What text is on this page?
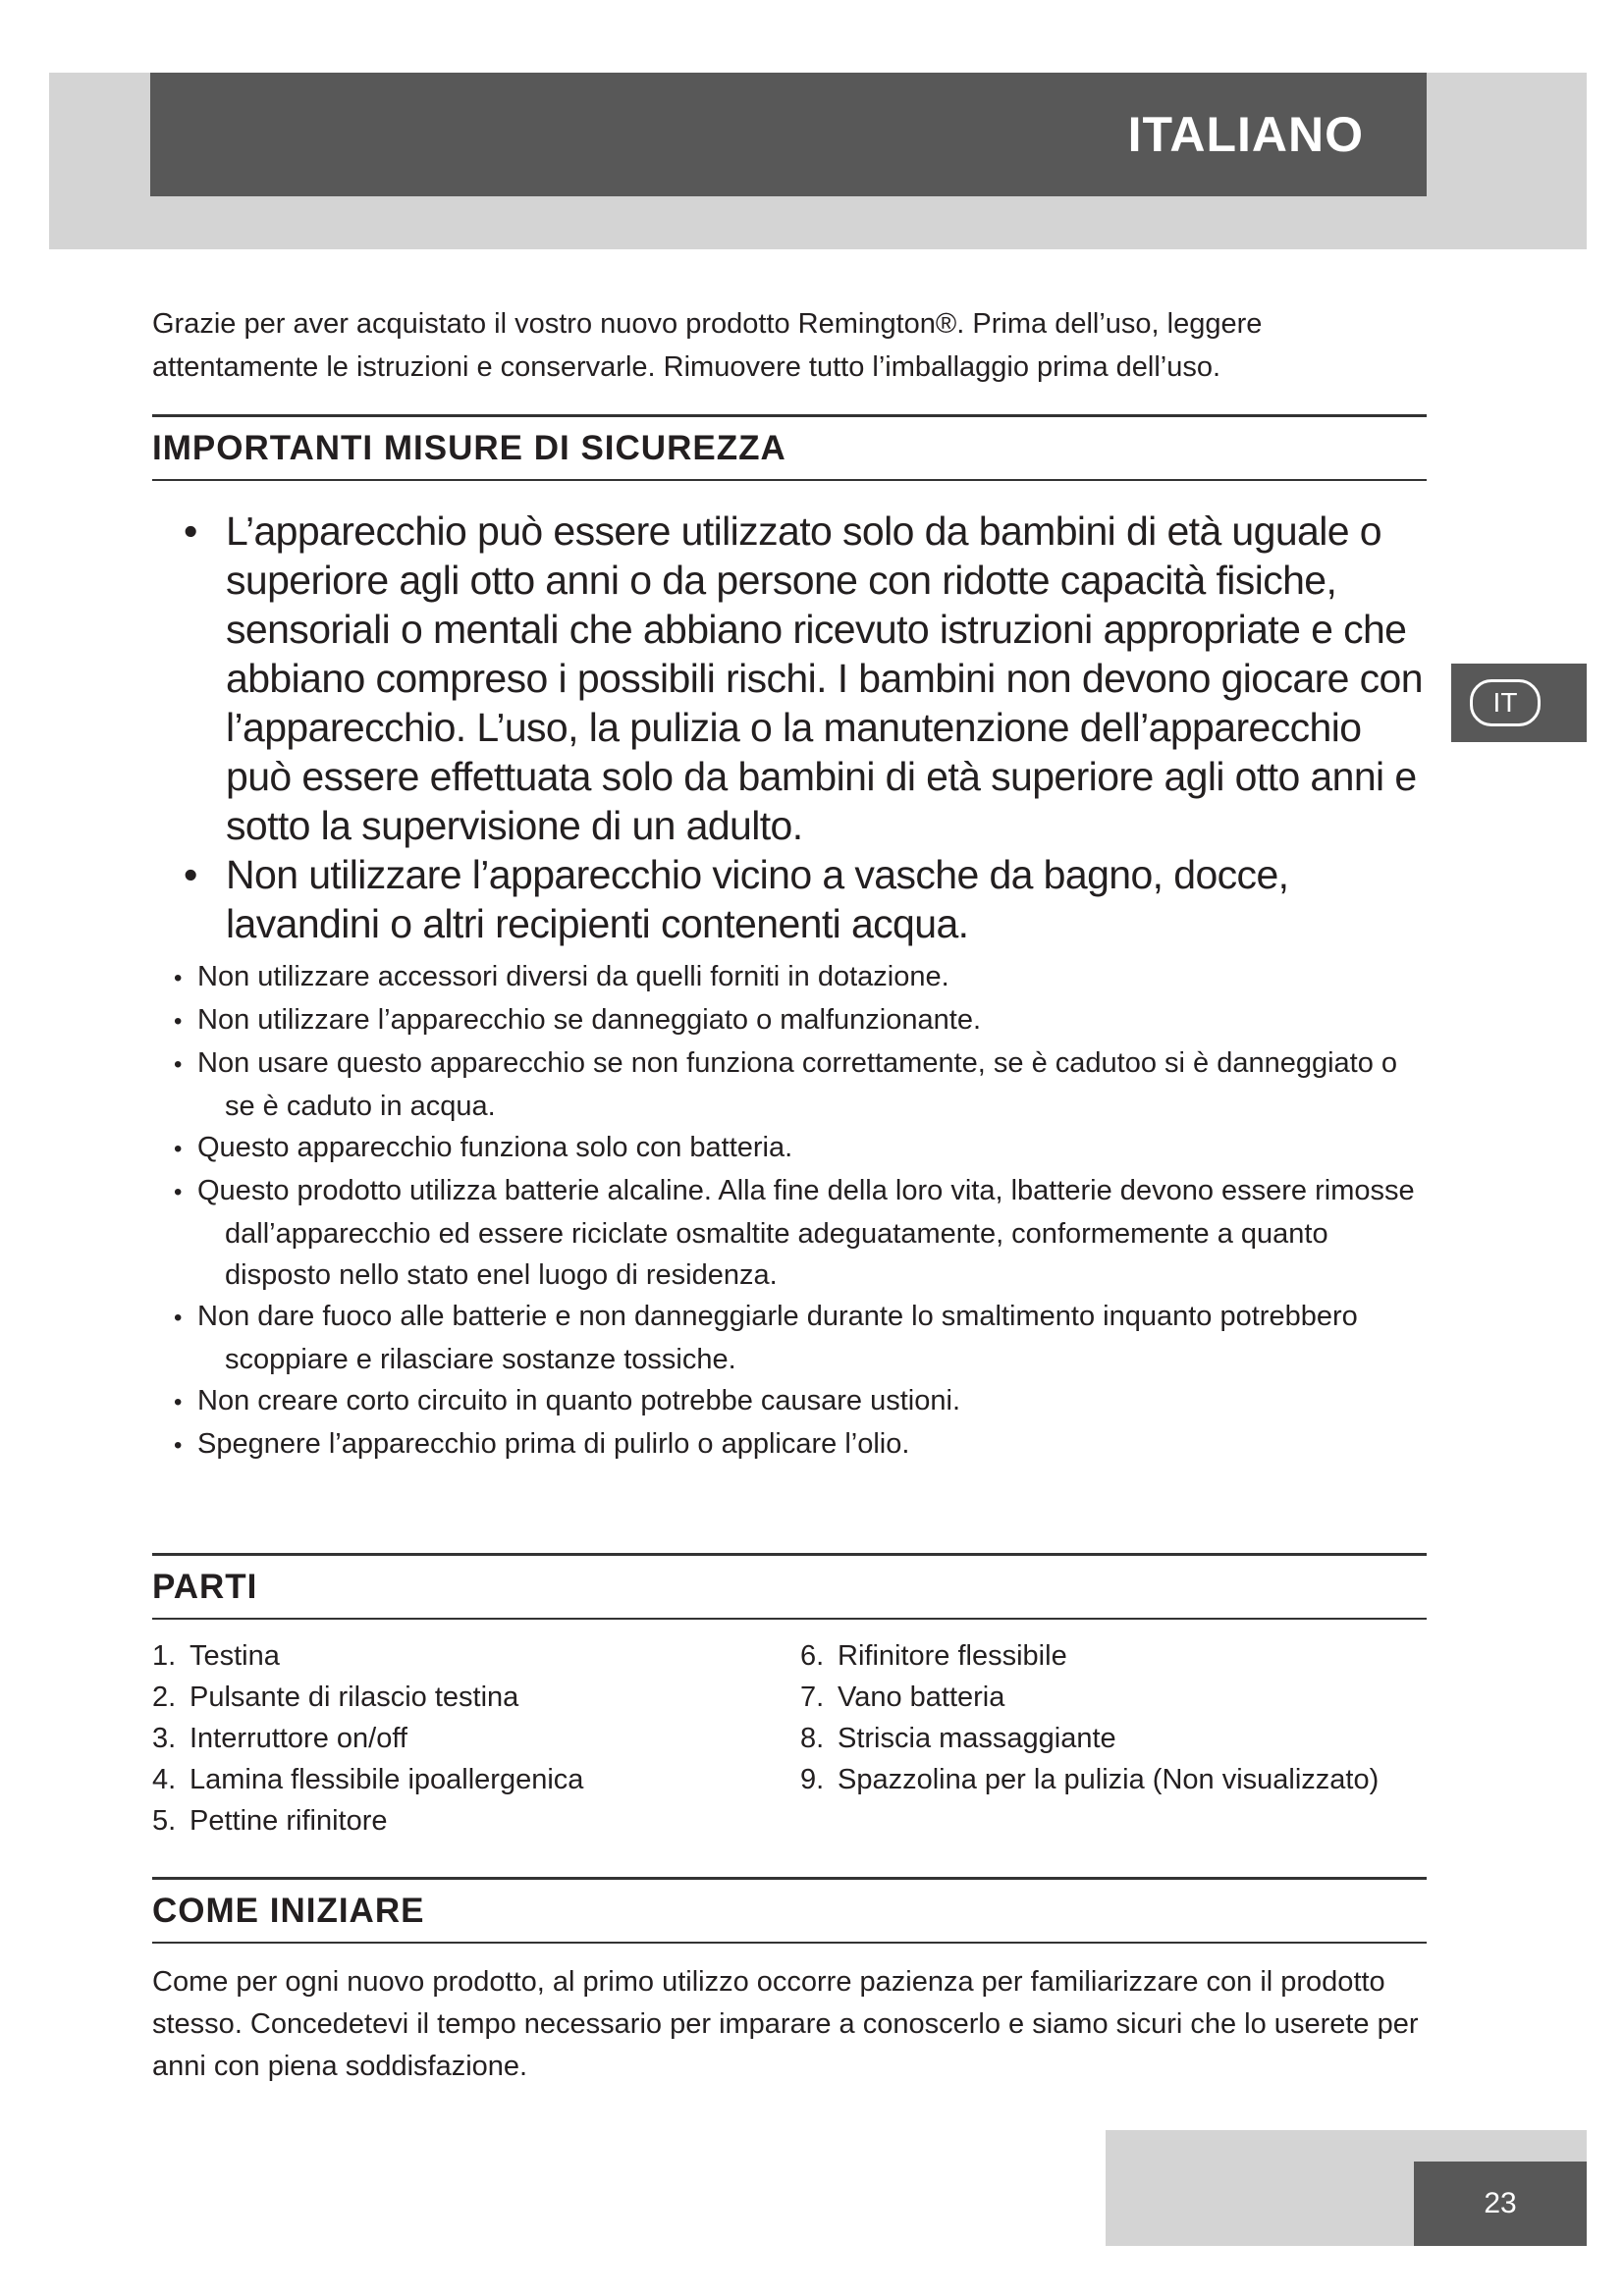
ITALIANO

Grazie per aver acquistato il vostro nuovo prodotto Remington®. Prima dell’uso, leggere attentamente le istruzioni e conservarle. Rimuovere tutto l’imballaggio prima dell’uso.

IMPORTANTI MISURE DI SICUREZZA
• L’apparecchio può essere utilizzato solo da bambini di età uguale o superiore agli otto anni o da persone con ridotte capacità fisiche, sensoriali o mentali che abbiano ricevuto istruzioni appropriate e che abbiano compreso i possibili rischi. I bambini non devono giocare con l’apparecchio. L’uso, la pulizia o la manutenzione dell’apparecchio può essere effettuata solo da bambini di età superiore agli otto anni e sotto la supervisione di un adulto.
• Non utilizzare l’apparecchio vicino a vasche da bagno, docce, lavandini o altri recipienti contenenti acqua.
• Non utilizzare accessori diversi da quelli forniti in dotazione.
• Non utilizzare l’apparecchio se danneggiato o malfunzionante.
• Non usare questo apparecchio se non funziona correttamente, se è cadutoo si è danneggiato o se è caduto in acqua.
• Questo apparecchio funziona solo con batteria.
• Questo prodotto utilizza batterie alcaline. Alla fine della loro vita, lbatterie devono essere rimosse dall’apparecchio ed essere riciclate osmaltite adeguatamente, conformemente a quanto disposto nello stato enel luogo di residenza.
• Non dare fuoco alle batterie e non danneggiarle durante lo smaltimento inquanto potrebbero scoppiare e rilasciare sostanze tossiche.
• Non creare corto circuito in quanto potrebbe causare ustioni.
• Spegnere l’apparecchio prima di pulirlo o applicare l’olio.
PARTI
1. Testina
2. Pulsante di rilascio testina
3. Interruttore on/off
4. Lamina flessibile ipoallergenica
5. Pettine rifinitore
6. Rifinitore flessibile
7. Vano batteria
8. Striscia massaggiante
9. Spazzolina per la pulizia (Non visualizzato)
COME INIZIARE

Come per ogni nuovo prodotto, al primo utilizzo occorre pazienza per familiarizzare con il prodotto stesso. Concedetevi il tempo necessario per imparare a conoscerlo e siamo sicuri che lo userete per anni con piena soddisfazione.

IT
23
